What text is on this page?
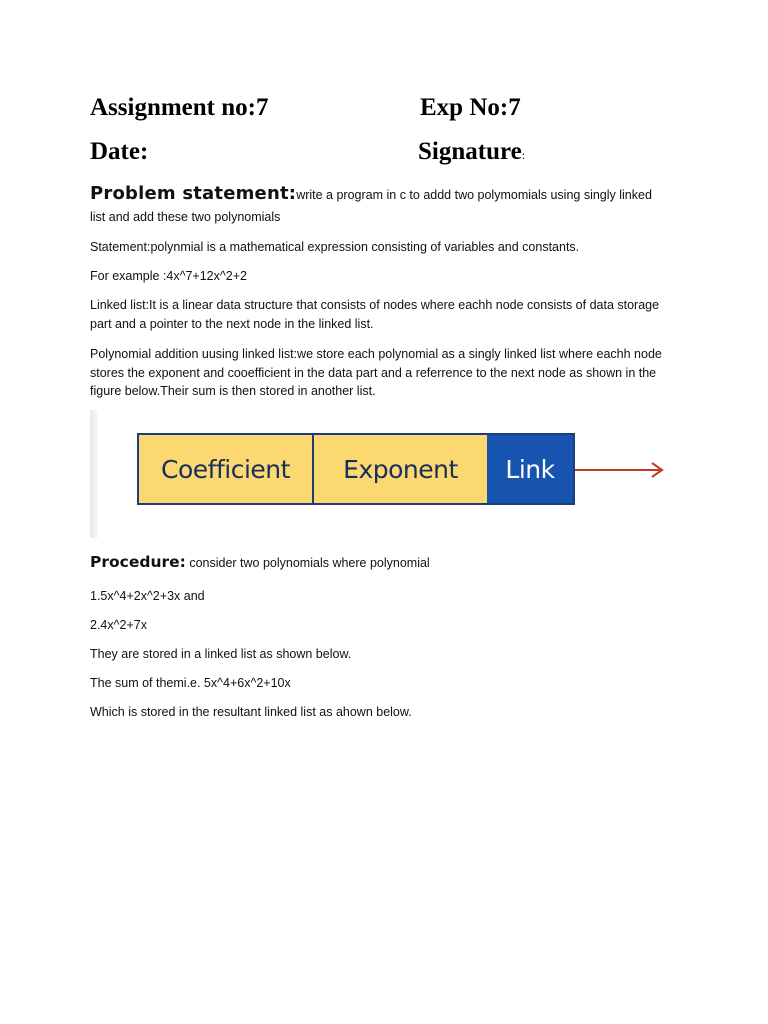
Assignment no:7	Exp No:7
Date:	Signature:
Problem statement:write a program in c to addd two polymomials using singly linked
list and add these two polynomials
Statement:polynmial is a mathematical expression consisting of variables and constants.
For example :4x^7+12x^2+2
Linked list:It is a linear data structure that consists of nodes where eachh node consists of data storage part and a pointer to the next node in the linked list.
Polynomial addition uusing linked list:we store each polynomial as a singly linked list where eachh node stores the exponent and cooefficient in the data part and a referrence to the next node as shown in the figure below.Their sum is then stored in another list.
Coefficient	Exponent	Link
Procedure: consider two polynomials where polynomial
1.5x^4+2x^2+3x and
2.4x^2+7x
They are stored in a linked list as shown below.
The sum of themi.e. 5x^4+6x^2+10x
Which is stored in the resultant linked list as ahown below.
